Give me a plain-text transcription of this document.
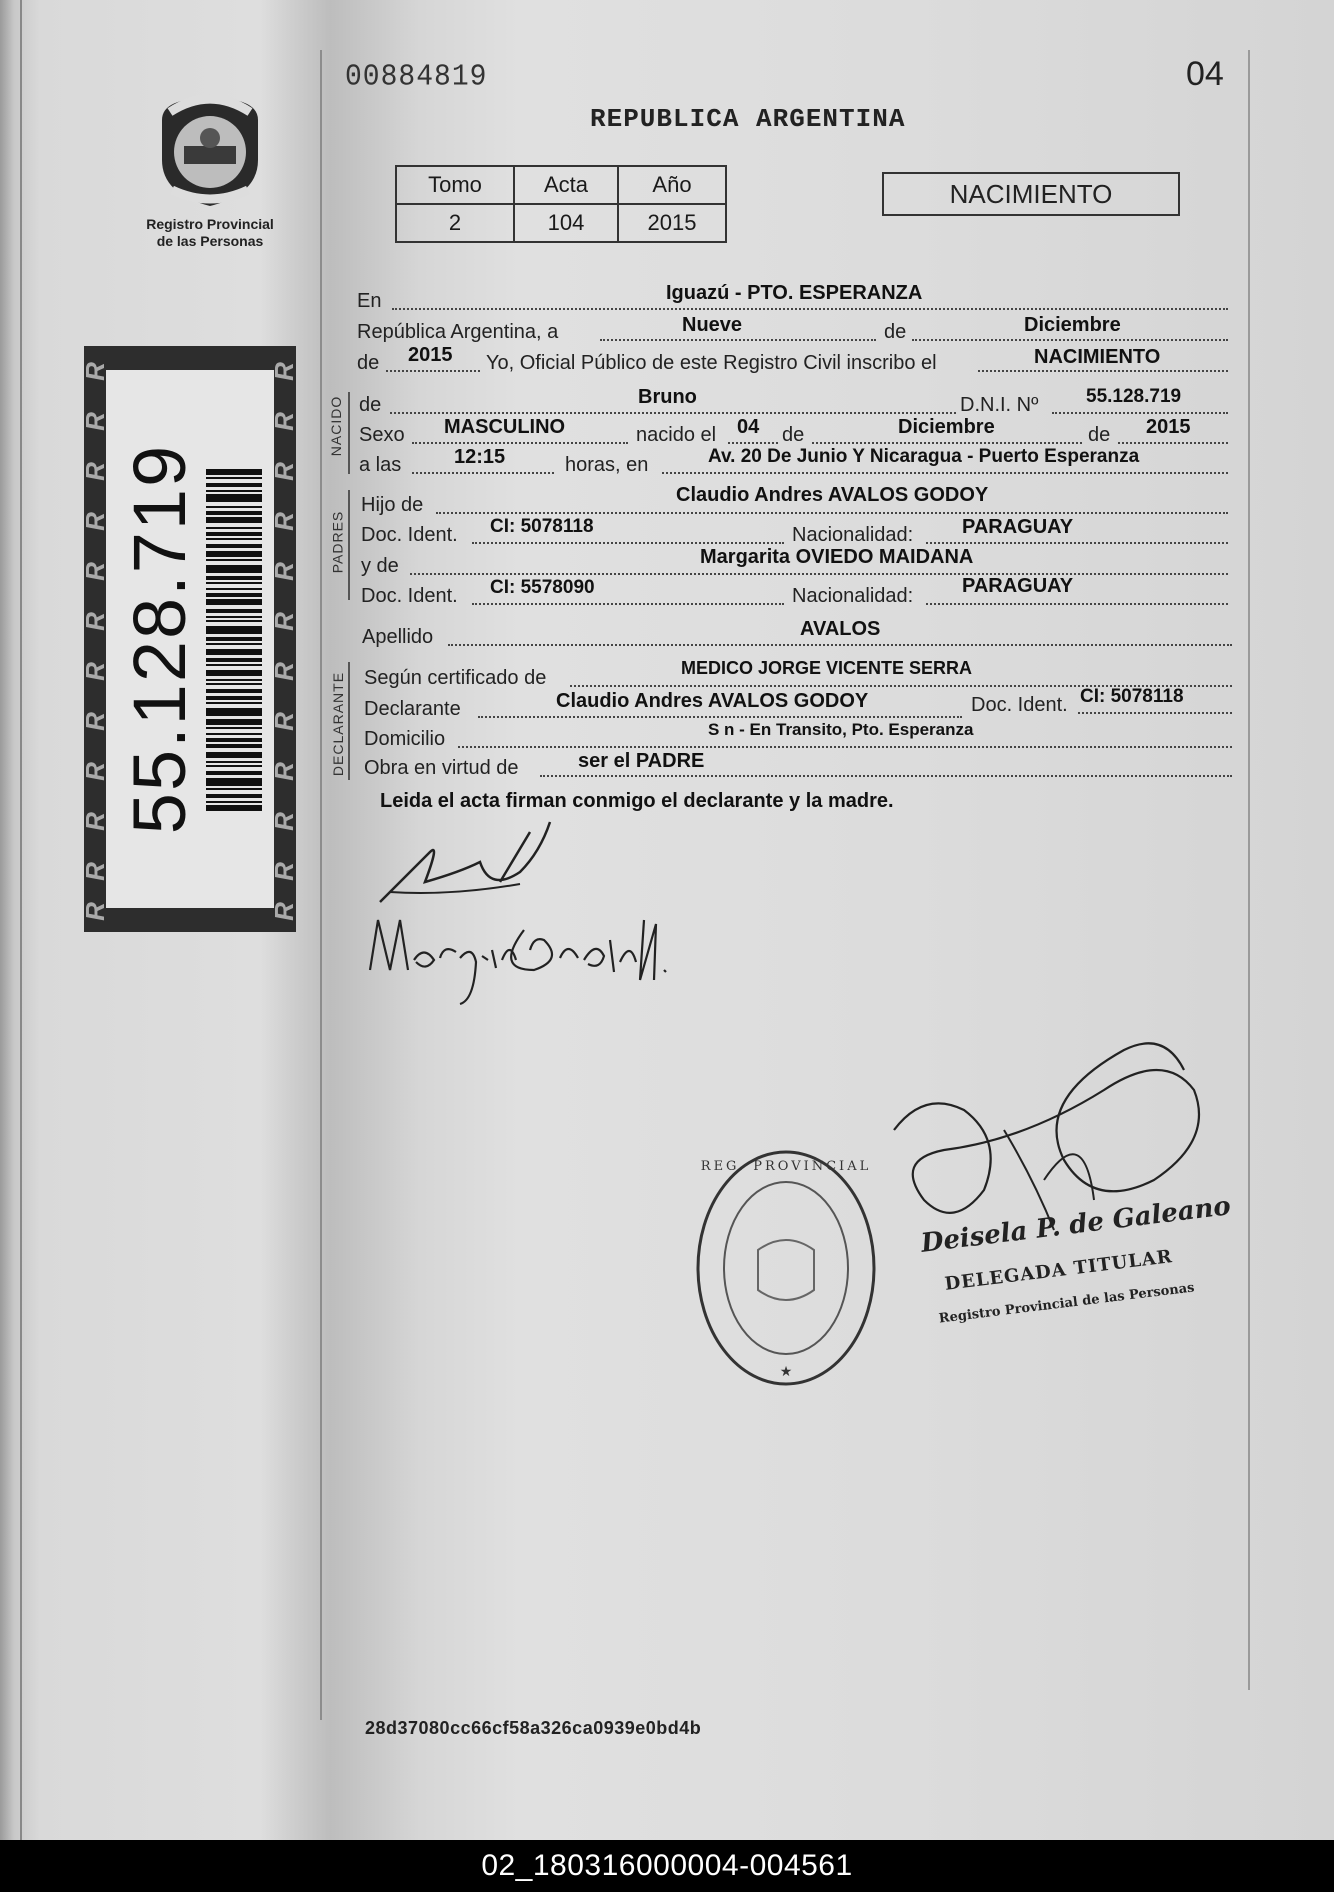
Registro Provincial
de las Personas
00884819
REPUBLICA ARGENTINA
04
Tomo	Acta	Año
2	104	2015
NACIMIENTO
55.128.719
R	R
R	R
R	R
R	R
R	R
R	R
R	R
R	R
R	R
R	R
R	R
R	R
NACIDO
PADRES
DECLARANTE
En	Iguazú - PTO. ESPERANZA
República Argentina, a	Nueve	de	Diciembre
de 2015 Yo, Oficial Público de este Registro Civil inscribo el	NACIMIENTO
de	Bruno	D.N.I. Nº	55.128.719
Sexo MASCULINO	nacido el 04 de	Diciembre	de 2015
a las	12:15	horas, en	Av. 20 De Junio Y Nicaragua - Puerto Esperanza
Hijo de	Claudio Andres AVALOS GODOY
Doc. Ident. CI: 5078118	Nacionalidad: PARAGUAY
y de	Margarita OVIEDO MAIDANA
Doc. Ident. CI: 5578090	Nacionalidad: PARAGUAY
Apellido	AVALOS
Según certificado de	MEDICO JORGE VICENTE SERRA
Declarante	Claudio Andres AVALOS GODOY	Doc. Ident. CI: 5078118
Domicilio	S n - En Transito, Pto. Esperanza
Obra en virtud de	ser el PADRE
Leida el acta firman conmigo el declarante y la madre.
REG. PROVINCIAL
★
Deisela P. de Galeano
DELEGADA TITULAR
Registro Provincial de las Personas
28d37080cc66cf58a326ca0939e0bd4b
02_180316000004-004561
